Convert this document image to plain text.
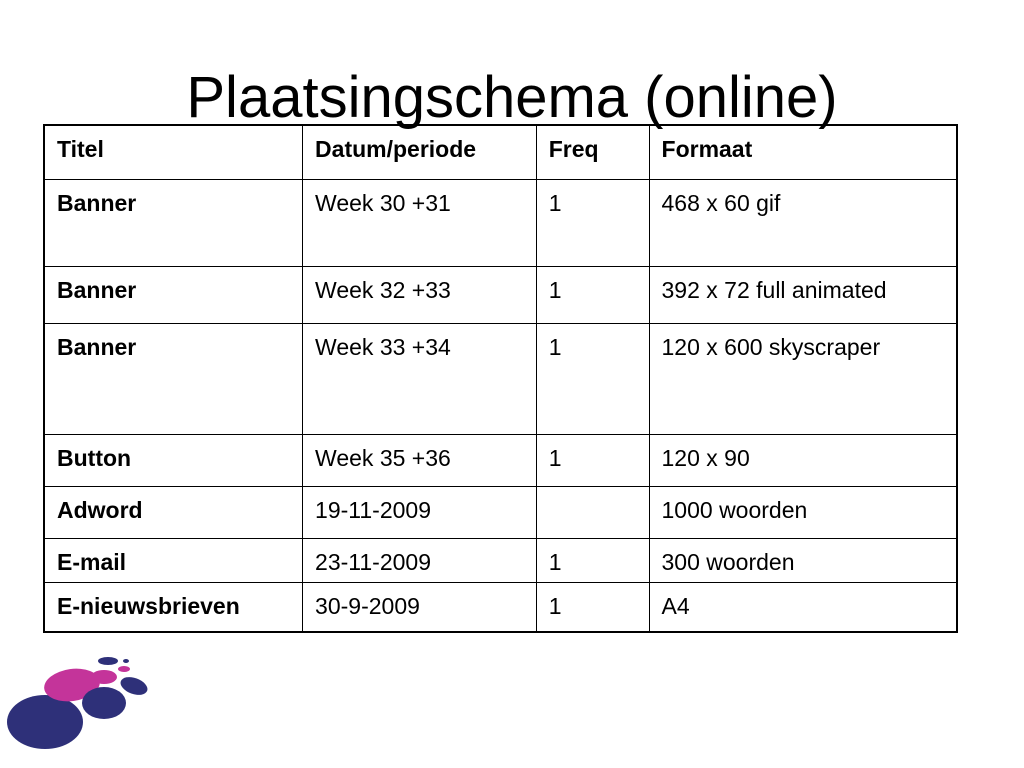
Plaatsingschema (online)
Titel	Datum/periode	Freq	Formaat
Banner	Week 30 +31	1	468 x 60 gif
Banner	Week 32 +33	1	392 x 72 full animated
Banner	Week 33 +34	1	120 x 600 skyscraper
Button	Week 35 +36	1	120 x 90
Adword	19-11-2009		1000 woorden
E-mail	23-11-2009	1	300 woorden
E-nieuwsbrieven	30-9-2009	1	A4
